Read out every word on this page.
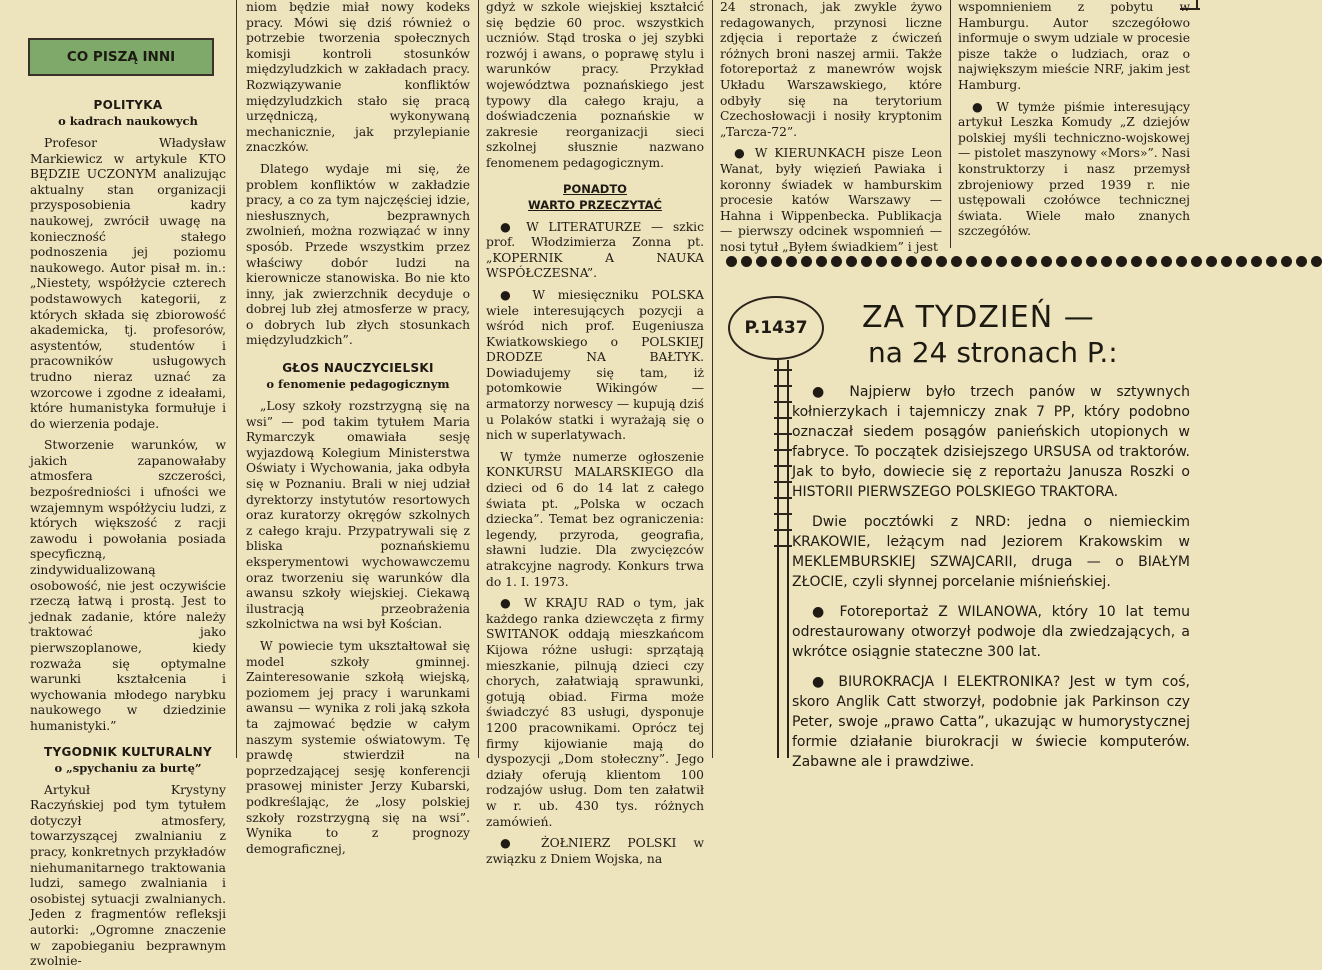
CO PISZĄ INNI
POLITYKA
o kadrach naukowych

Profesor Władysław Markiewicz w artykule KTO BĘDZIE UCZONYM analizując aktualny stan organizacji przysposobienia kadry naukowej, zwrócił uwagę na konieczność stałego podnoszenia jej poziomu naukowego. Autor pisał m. in.: „Niestety, współżycie czterech podstawowych kategorii, z których składa się zbiorowość akademicka, tj. profesorów, asystentów, studentów i pracowników usługowych trudno nieraz uznać za wzorcowe i zgodne z ideałami, które humanistyka formułuje i do wierzenia podaje.

Stworzenie warunków, w jakich zapanowałaby atmosfera szczerości, bezpośredniości i ufności we wzajemnym współżyciu ludzi, z których większość z racji zawodu i powołania posiada specyficzną, zindywidualizowaną osobowość, nie jest oczywiście rzeczą łatwą i prostą. Jest to jednak zadanie, które należy traktować jako pierwszoplanowe, kiedy rozważa się optymalne warunki kształcenia i wychowania młodego narybku naukowego w dziedzinie humanistyki.”

TYGODNIK KULTURALNY
o „spychaniu za burtę”

Artykuł Krystyny Raczyńskiej pod tym tytułem dotyczył atmosfery, towarzyszącej zwalnianiu z pracy, konkretnych przykładów niehumanitarnego traktowania ludzi, samego zwalniania i osobistej sytuacji zwalnianych. Jeden z fragmentów refleksji autorki: „Ogromne znaczenie w zapobieganiu bezprawnym zwolnie-

niom będzie miał nowy kodeks pracy. Mówi się dziś również o potrzebie tworzenia społecznych komisji kontroli stosunków międzyludzkich w zakładach pracy. Rozwiązywanie konfliktów międzyludzkich stało się pracą urzędniczą, wykonywaną mechanicznie, jak przylepianie znaczków.

Dlatego wydaje mi się, że problem konfliktów w zakładzie pracy, a co za tym najczęściej idzie, niesłusznych, bezprawnych zwolnień, można rozwiązać w inny sposób. Przede wszystkim przez właściwy dobór ludzi na kierownicze stanowiska. Bo nie kto inny, jak zwierzchnik decyduje o dobrej lub złej atmosferze w pracy, o dobrych lub złych stosunkach międzyludzkich”.

GŁOS NAUCZYCIELSKI
o fenomenie pedagogicznym

„Losy szkoły rozstrzygną się na wsi” — pod takim tytułem Maria Rymarczyk omawiała sesję wyjazdową Kolegium Ministerstwa Oświaty i Wychowania, jaka odbyła się w Poznaniu. Brali w niej udział dyrektorzy instytutów resortowych oraz kuratorzy okręgów szkolnych z całego kraju. Przypatrywali się z bliska poznańskiemu eksperymentowi wychowawczemu oraz tworzeniu się warunków dla awansu szkoły wiejskiej. Ciekawą ilustracją przeobrażenia szkolnictwa na wsi był Kościan.

W powiecie tym ukształtował się model szkoły gminnej. Zainteresowanie szkołą wiejską, poziomem jej pracy i warunkami awansu — wynika z roli jaką szkoła ta zajmować będzie w całym naszym systemie oświatowym. Tę prawdę stwierdził na poprzedzającej sesję konferencji prasowej minister Jerzy Kubarski, podkreślając, że „losy polskiej szkoły rozstrzygną się na wsi”. Wynika to z prognozy demograficznej,

gdyż w szkole wiejskiej kształcić się będzie 60 proc. wszystkich uczniów. Stąd troska o jej szybki rozwój i awans, o poprawę stylu i warunków pracy. Przykład województwa poznańskiego jest typowy dla całego kraju, a doświadczenia poznańskie w zakresie reorganizacji sieci szkolnej słusznie nazwano fenomenem pedagogicznym.

PONADTO
WARTO PRZECZYTAĆ

● W LITERATURZE — szkic prof. Włodzimierza Zonna pt. „KOPERNIK A NAUKA WSPÓŁCZESNA”.

● W miesięczniku POLSKA wiele interesujących pozycji a wśród nich prof. Eugeniusza Kwiatkowskiego o POLSKIEJ DRODZE NA BAŁTYK. Dowiadujemy się tam, iż potomkowie Wikingów — armatorzy norwescy — kupują dziś u Polaków statki i wyrażają się o nich w superlatywach.

W tymże numerze ogłoszenie KONKURSU MALARSKIEGO dla dzieci od 6 do 14 lat z całego świata pt. „Polska w oczach dziecka”. Temat bez ograniczenia: legendy, przyroda, geografia, sławni ludzie. Dla zwycięzców atrakcyjne nagrody. Konkurs trwa do 1. I. 1973.

● W KRAJU RAD o tym, jak każdego ranka dziewczęta z firmy SWITANOK oddają mieszkańcom Kijowa różne usługi: sprzątają mieszkanie, pilnują dzieci czy chorych, załatwiają sprawunki, gotują obiad. Firma może świadczyć 83 usługi, dysponuje 1200 pracownikami. Oprócz tej firmy kijowianie mają do dyspozycji „Dom stołeczny”. Jego działy oferują klientom 100 rodzajów usług. Dom ten załatwił w r. ub. 430 tys. różnych zamówień.

● ŻOŁNIERZ POLSKI w związku z Dniem Wojska, na

24 stronach, jak zwykle żywo redagowanych, przynosi liczne zdjęcia i reportaże z ćwiczeń różnych broni naszej armii. Także fotoreportaż z manewrów wojsk Układu Warszawskiego, które odbyły się na terytorium Czechosłowacji i nosiły kryptonim „Tarcza-72”.

● W KIERUNKACH pisze Leon Wanat, były więzień Pawiaka i koronny świadek w hamburskim procesie katów Warszawy — Hahna i Wippenbecka. Publikacja — pierwszy odcinek wspomnień — nosi tytuł „Byłem świadkiem” i jest

wspomnieniem z pobytu w Hamburgu. Autor szczegółowo informuje o swym udziale w procesie pisze także o ludziach, oraz o największym mieście NRF, jakim jest Hamburg.

● W tymże piśmie interesujący artykuł Leszka Komudy „Z dziejów polskiej myśli techniczno-wojskowej — pistolet maszynowy «Mors»”. Nasi konstruktorzy i nasz przemysł zbrojeniowy przed 1939 r. nie ustępowali czołówce technicznej świata. Wiele mało znanych szczegółów.

P.1437 ZA TYDZIEŃ —
na 24 stronach P.:

● Najpierw było trzech panów w sztywnych kołnierzykach i tajemniczy znak 7 PP, który podobno oznaczał siedem posągów panieńskich utopionych w fabryce. To początek dzisiejszego URSUSA od traktorów. Jak to było, dowiecie się z reportażu Janusza Roszki o HISTORII PIERWSZEGO POLSKIEGO TRAKTORA.

Dwie pocztówki z NRD: jedna o niemieckim KRAKOWIE, leżącym nad Jeziorem Krakowskim w MEKLEMBURSKIEJ SZWAJCARII, druga — o BIAŁYM ZŁOCIE, czyli słynnej porcelanie miśnieńskiej.

● Fotoreportaż Z WILANOWA, który 10 lat temu odrestaurowany otworzył podwoje dla zwiedzających, a wkrótce osiągnie stateczne 300 lat.

● BIUROKRACJA I ELEKTRONIKA? Jest w tym coś, skoro Anglik Catt stworzył, podobnie jak Parkinson czy Peter, swoje „prawo Catta”, ukazując w humorystycznej formie działanie biurokracji w świecie komputerów. Zabawne ale i prawdziwe.
